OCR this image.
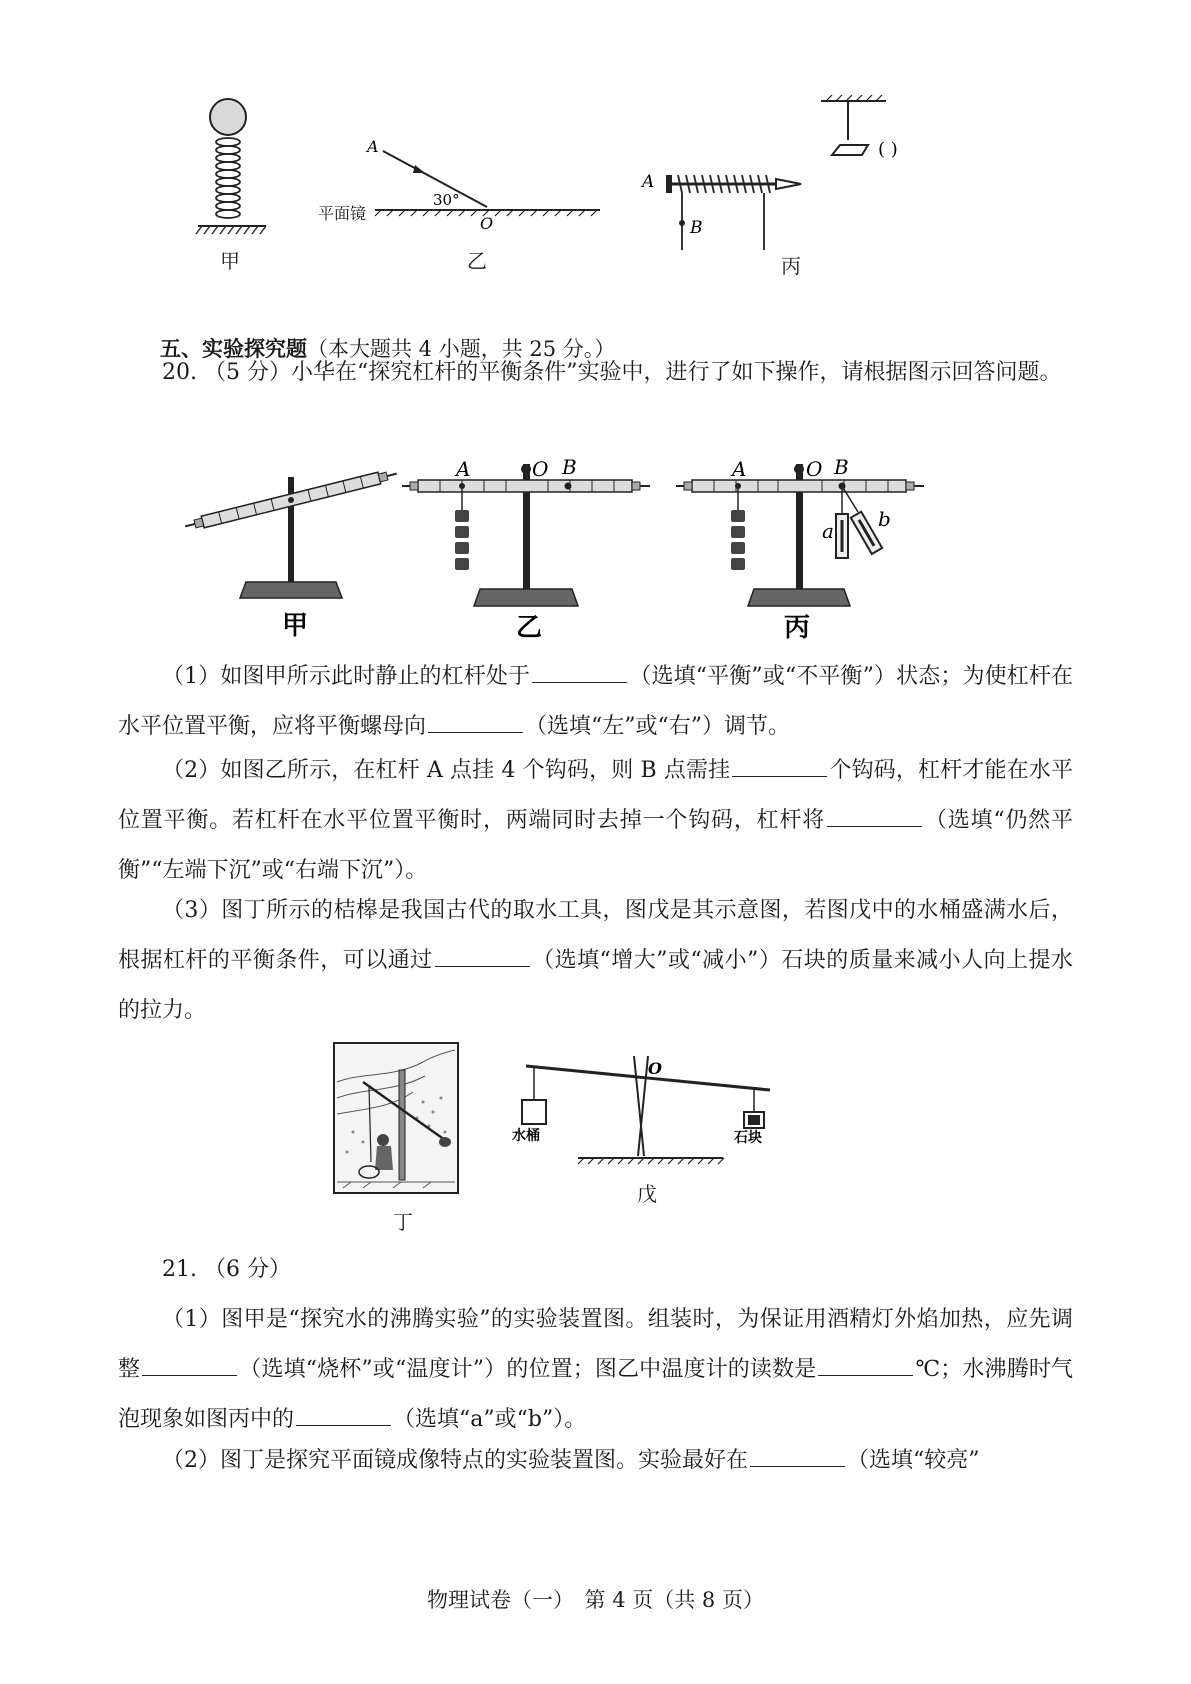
甲
A
30°
O
平面镜
乙
( )
A
B
丙
五、实验探究题（本大题共 4 小题，共 25 分。）
20. （5 分）小华在“探究杠杆的平衡条件”实验中，进行了如下操作，请根据图示回答问题。
A	O B	A	O B
a b
甲	乙	丙
（1）如图甲所示此时静止的杠杆处于	（选填“平衡”或“不平衡”）状态；为使杠杆在水平位置平衡，应将平衡螺母向	（选填“左”或“右”）调节。
（2）如图乙所示，在杠杆 A 点挂 4 个钩码，则 B 点需挂	个钩码，杠杆才能在水平位置平衡。若杠杆在水平位置平衡时，两端同时去掉一个钩码，杠杆将	（选填“仍然平衡”“左端下沉”或“右端下沉”）。
（3）图丁所示的桔槔是我国古代的取水工具，图戊是其示意图，若图戊中的水桶盛满水后，根据杠杆的平衡条件，可以通过	（选填“增大”或“减小”）石块的质量来减小人向上提水的拉力。
丁
O
水桶	石块
戊
21. （6 分）
（1）图甲是“探究水的沸腾实验”的实验装置图。组装时，为保证用酒精灯外焰加热，应先调整	（选填“烧杯”或“温度计”）的位置；图乙中温度计的读数是	℃；水沸腾时气泡现象如图丙中的	（选填“a”或“b”）。
（2）图丁是探究平面镜成像特点的实验装置图。实验最好在	（选填“较亮”
物理试卷（一）　第 4 页（共 8 页）
